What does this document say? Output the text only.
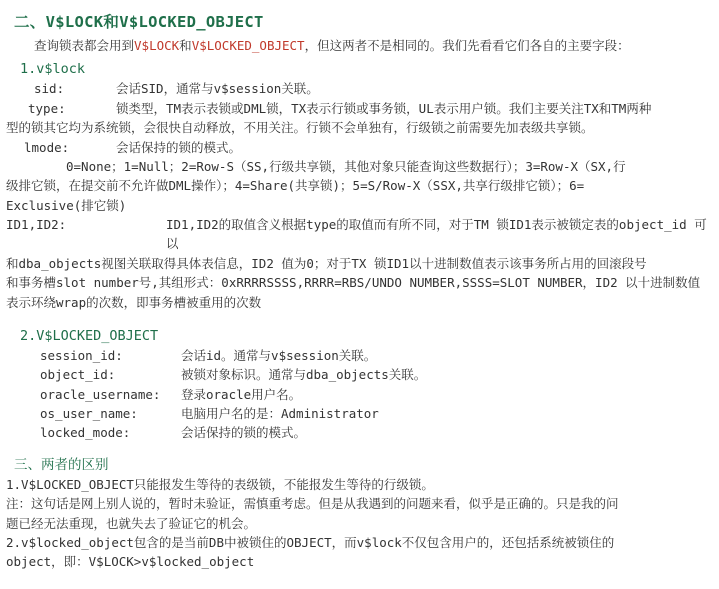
二、V$LOCK和V$LOCKED_OBJECT
查询锁表都会用到V$LOCK和V$LOCKED_OBJECT，但这两者不是相同的。我们先看看它们各自的主要字段：
1.v$lock
sid:	会话SID，通常与v$session关联。
type:	锁类型，TM表示表锁或DML锁，TX表示行锁或事务锁，UL表示用户锁。我们主要关注TX和TM两种
型的锁其它均为系统锁，会很快自动释放，不用关注。行锁不会单独有，行级锁之前需要先加表级共享锁。
lmode:	会话保持的锁的模式。
0=None；1=Null；2=Row-S（SS,行级共享锁，其他对象只能查询这些数据行）；3=Row-X（SX,行
级排它锁，在提交前不允许做DML操作）；4=Share(共享锁)；5=S/Row-X（SSX,共享行级排它锁）；6=
Exclusive(排它锁)
ID1,ID2:	ID1,ID2的取值含义根据type的取值而有所不同，对于TM 锁ID1表示被锁定表的object_id 可以
和dba_objects视图关联取得具体表信息，ID2 值为0；对于TX 锁ID1以十进制数值表示该事务所占用的回滚段号
和事务槽slot number号,其组形式：0xRRRRSSSS,RRRR=RBS/UNDO NUMBER,SSSS=SLOT NUMBER，ID2 以十进制数值
表示环绕wrap的次数，即事务槽被重用的次数
2.V$LOCKED_OBJECT
session_id:	会话id。通常与v$session关联。
object_id:	被锁对象标识。通常与dba_objects关联。
oracle_username:	登录oracle用户名。
os_user_name:	电脑用户名的是：Administrator
locked_mode:	会话保持的锁的模式。
三、两者的区别
1.V$LOCKED_OBJECT只能报发生等待的表级锁，不能报发生等待的行级锁。
注：这句话是网上别人说的，暂时未验证，需慎重考虑。但是从我遇到的问题来看，似乎是正确的。只是我的问
题已经无法重现，也就失去了验证它的机会。
2.v$locked_object包含的是当前DB中被锁住的OBJECT，而v$lock不仅包含用户的，还包括系统被锁住的
object，即：V$LOCK>v$locked_object
